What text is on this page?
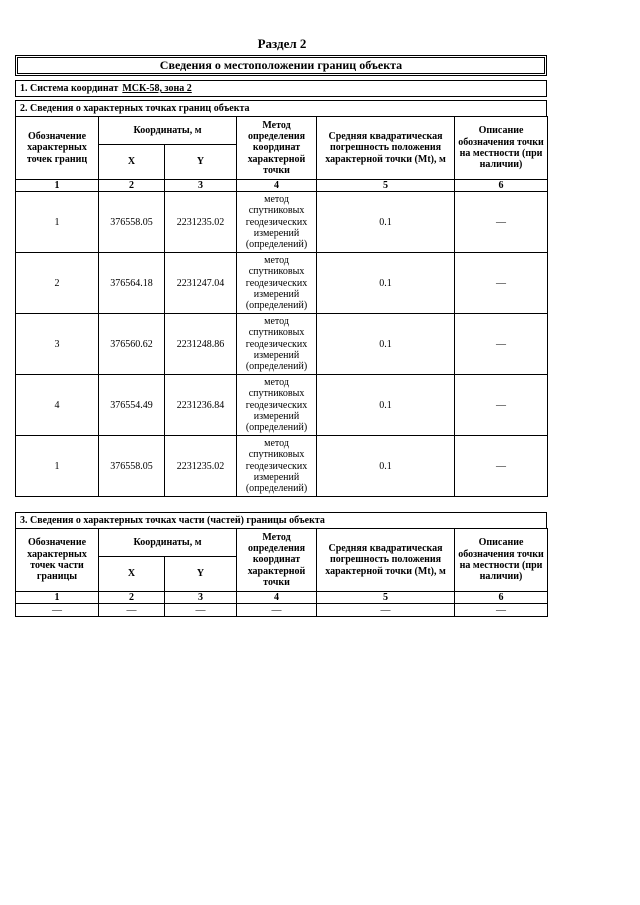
Раздел 2
Сведения о местоположении границ объекта
1. Система координат МСК-58, зона 2
2. Сведения о характерных точках границ объекта
Обозначение характерных точек границ	Координаты, м		Метод определения координат характерной точки	Средняя квадратическая погрешность положения характерной точки (Mt), м	Описание обозначения точки на местности (при наличии)
	X	Y			
1	2	3	4	5	6
1	376558.05	2231235.02	метод спутниковых геодезических измерений (определений)	0.1	—
2	376564.18	2231247.04	метод спутниковых геодезических измерений (определений)	0.1	—
3	376560.62	2231248.86	метод спутниковых геодезических измерений (определений)	0.1	—
4	376554.49	2231236.84	метод спутниковых геодезических измерений (определений)	0.1	—
1	376558.05	2231235.02	метод спутниковых геодезических измерений (определений)	0.1	—
3. Сведения о характерных точках части (частей) границы объекта
Обозначение характерных точек части границы	Координаты, м		Метод определения координат характерной точки	Средняя квадратическая погрешность положения характерной точки (Mt), м	Описание обозначения точки на местности (при наличии)
	X	Y			
1	2	3	4	5	6
—	—	—	—	—	—
